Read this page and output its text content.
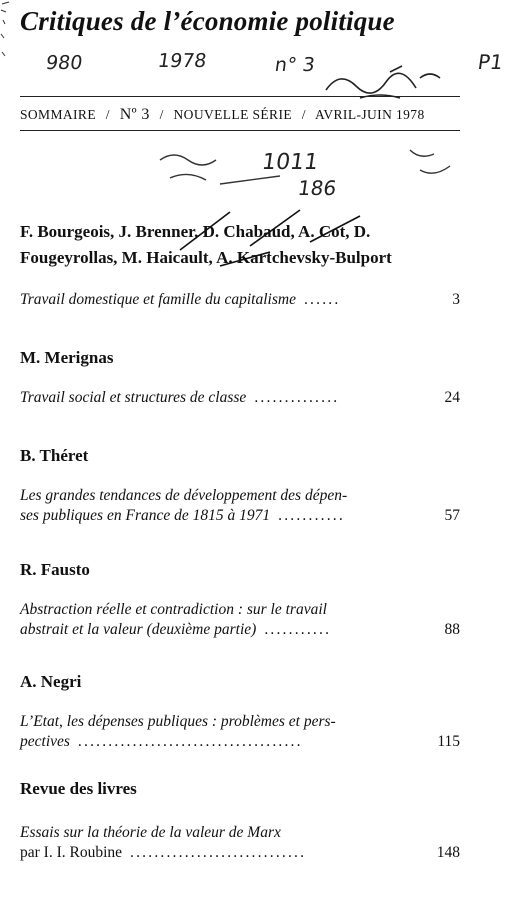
Critiques de l’économie politique
980	1978	n° 3	P1
1011
186
SOMMAIRE / Nº 3 / NOUVELLE SÉRIE / AVRIL-JUIN 1978
F. Bourgeois, J. Brenner, D. Chabaud, A. Cot, D. Fougeyrollas, M. Haicault, A. Kartchevsky-Bulport
Travail domestique et famille du capitalisme ......	3
M. Merignas
Travail social et structures de classe ..............	24
B. Théret
Les grandes tendances de développement des dépen-
ses publiques en France de 1815 à 1971 ...........	57
R. Fausto
Abstraction réelle et contradiction : sur le travail
abstrait et la valeur (deuxième partie) ...........	88
A. Negri
L’Etat, les dépenses publiques : problèmes et pers-
pectives .....................................	115
Revue des livres
Essais sur la théorie de la valeur de Marx
par I. I. Roubine .............................	148
